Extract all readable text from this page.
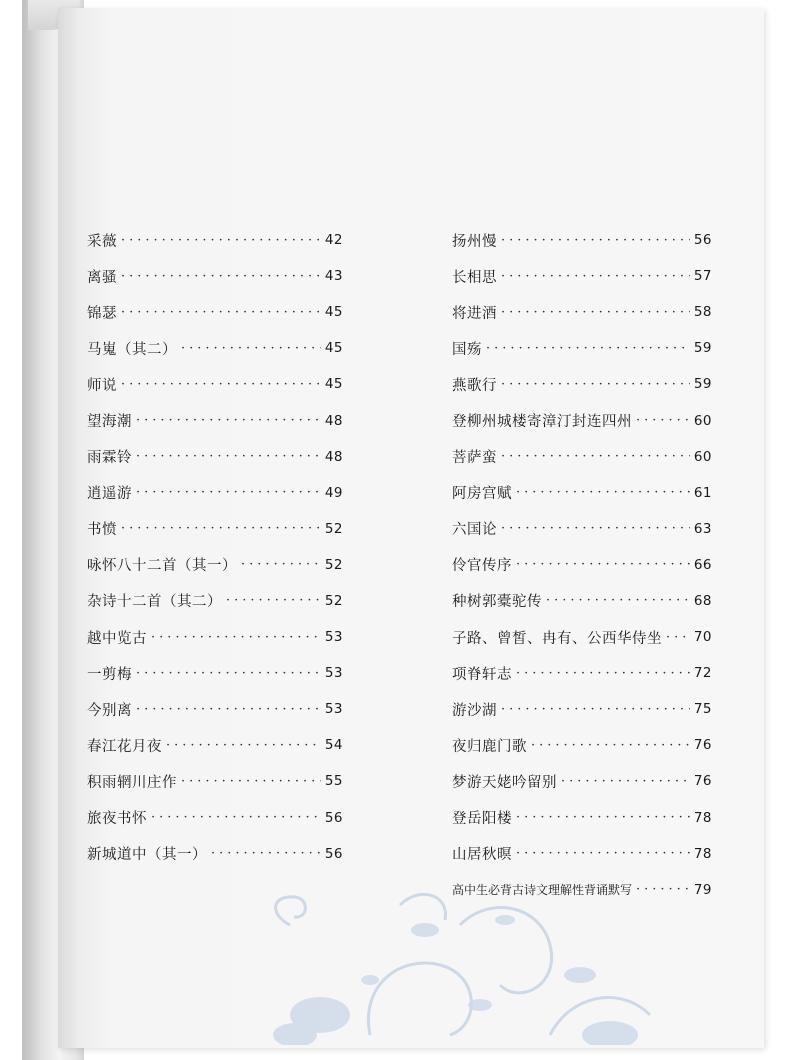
采薇 ·····	42
离骚 ·····	43
锦瑟 ·····	45
马嵬（其二） ·····	45
师说 ·····	45
望海潮 ·····	48
雨霖铃 ·····	48
逍遥游 ·····	49
书愤 ·····	52
咏怀八十二首（其一） ·····	52
杂诗十二首（其二） ·····	52
越中览古 ·····	53
一剪梅 ·····	53
今别离 ·····	53
春江花月夜 ·····	54
积雨辋川庄作 ·····	55
旅夜书怀 ·····	56
新城道中（其一） ·····	56
扬州慢 ·····	56
长相思 ·····	57
将进酒 ·····	58
国殇 ·····	59
燕歌行 ·····	59
登柳州城楼寄漳汀封连四州 ·····	60
菩萨蛮 ·····	60
阿房宫赋 ·····	61
六国论 ·····	63
伶官传序 ·····	66
种树郭橐驼传 ·····	68
子路、曾皙、冉有、公西华侍坐 ····· 70
项脊轩志 ·····	72
游沙湖 ·····	75
夜归鹿门歌 ·····	76
梦游天姥吟留别 ·····	76
登岳阳楼 ·····	78
山居秋暝 ·····	78
高中生必背古诗文理解性背诵默写 ·····	79
